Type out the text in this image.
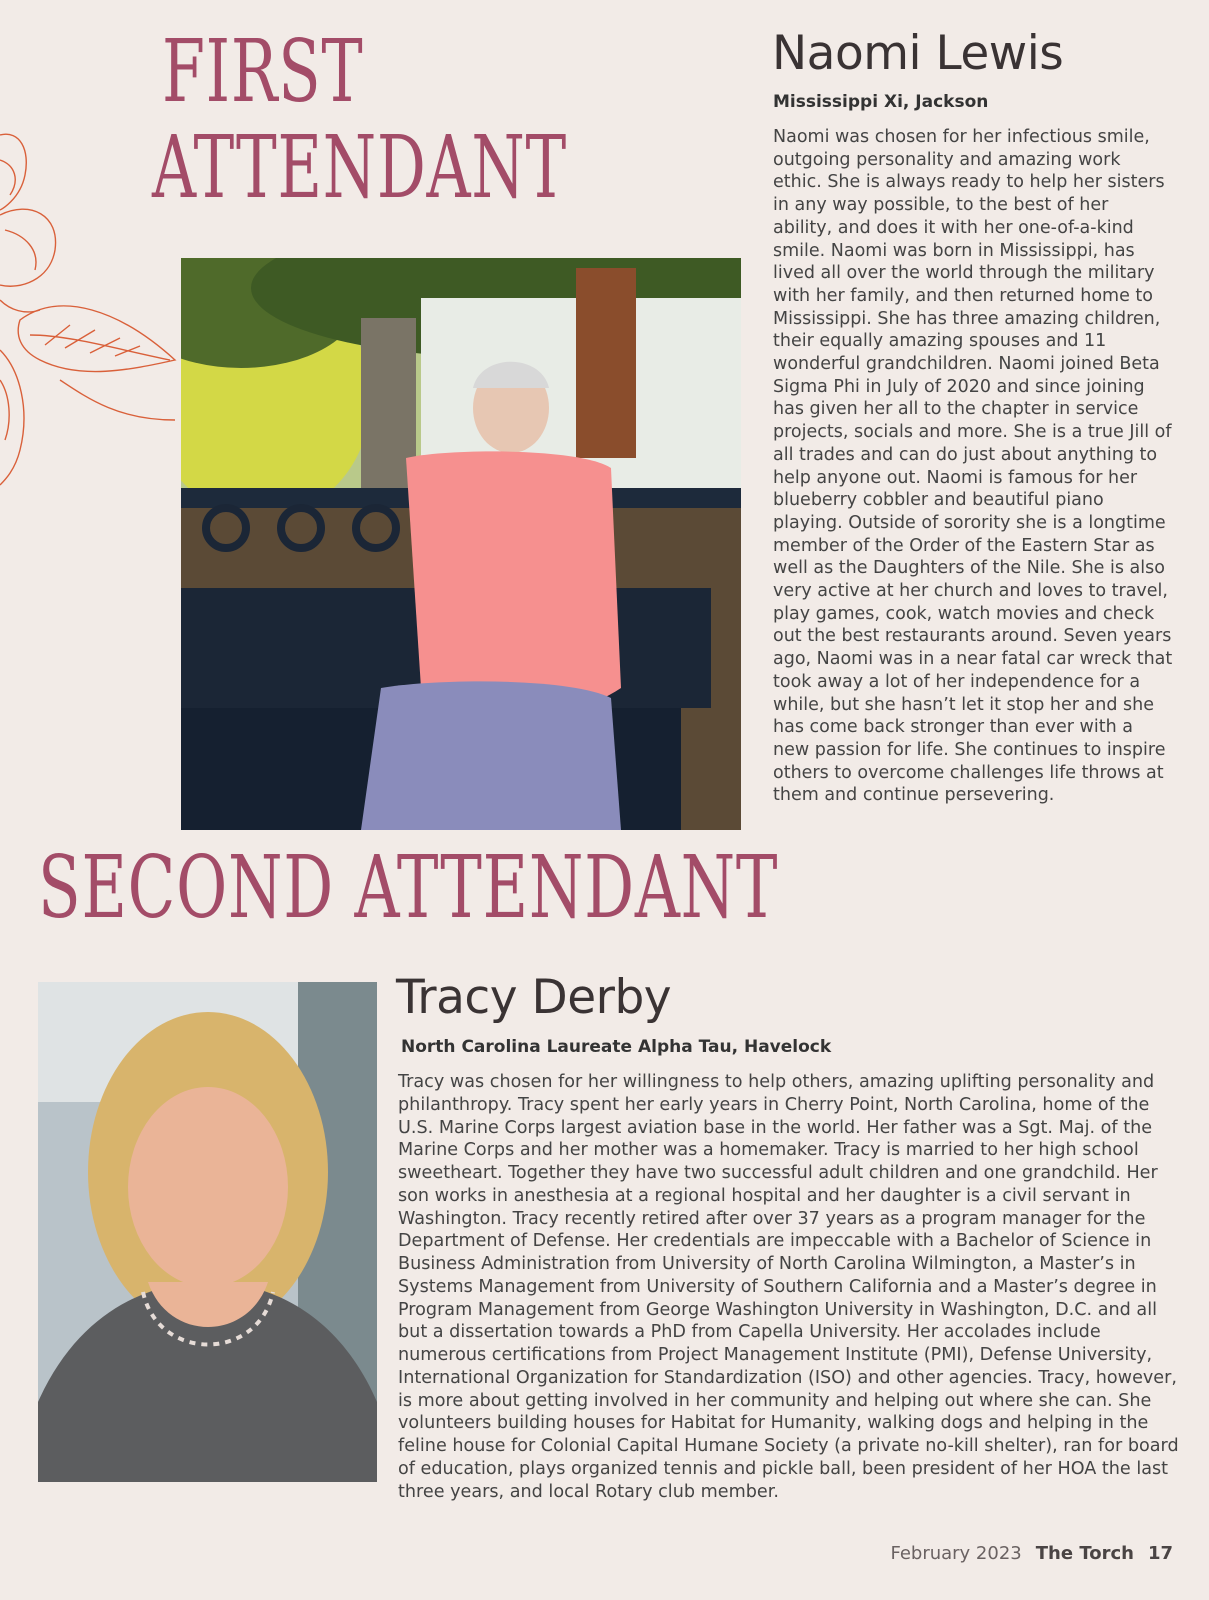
FIRST
ATTENDANT
Naomi Lewis

Mississippi Xi, Jackson

Naomi was chosen for her infectious smile, outgoing personality and amazing work ethic. She is always ready to help her sisters in any way possible, to the best of her ability, and does it with her one-of-a-kind smile. Naomi was born in Mississippi, has lived all over the world through the military with her family, and then returned home to Mississippi. She has three amazing children, their equally amazing spouses and 11 wonderful grandchildren. Naomi joined Beta Sigma Phi in July of 2020 and since joining has given her all to the chapter in service projects, socials and more. She is a true Jill of all trades and can do just about anything to help anyone out. Naomi is famous for her blueberry cobbler and beautiful piano playing. Outside of sorority she is a longtime member of the Order of the Eastern Star as well as the Daughters of the Nile. She is also very active at her church and loves to travel, play games, cook, watch movies and check out the best restaurants around. Seven years ago, Naomi was in a near fatal car wreck that took away a lot of her independence for a while, but she hasn’t let it stop her and she has come back stronger than ever with a new passion for life. She continues to inspire others to overcome challenges life throws at them and continue persevering.

SECOND ATTENDANT
Tracy Derby

North Carolina Laureate Alpha Tau, Havelock

Tracy was chosen for her willingness to help others, amazing uplifting personality and philanthropy. Tracy spent her early years in Cherry Point, North Carolina, home of the U.S. Marine Corps largest aviation base in the world. Her father was a Sgt. Maj. of the Marine Corps and her mother was a homemaker. Tracy is married to her high school sweetheart. Together they have two successful adult children and one grandchild. Her son works in anesthesia at a regional hospital and her daughter is a civil servant in Washington. Tracy recently retired after over 37 years as a program manager for the Department of Defense. Her credentials are impeccable with a Bachelor of Science in Business Administration from University of North Carolina Wilmington, a Master’s in Systems Management from University of Southern California and a Master’s degree in Program Management from George Washington University in Washington, D.C. and all but a dissertation towards a PhD from Capella University. Her accolades include numerous certifications from Project Management Institute (PMI), Defense University, International Organization for Standardization (ISO) and other agencies. Tracy, however, is more about getting involved in her community and helping out where she can. She volunteers building houses for Habitat for Humanity, walking dogs and helping in the feline house for Colonial Capital Humane Society (a private no-kill shelter), ran for board of education, plays organized tennis and pickle ball, been president of her HOA the last three years, and local Rotary club member.

February 2023 The Torch 17
